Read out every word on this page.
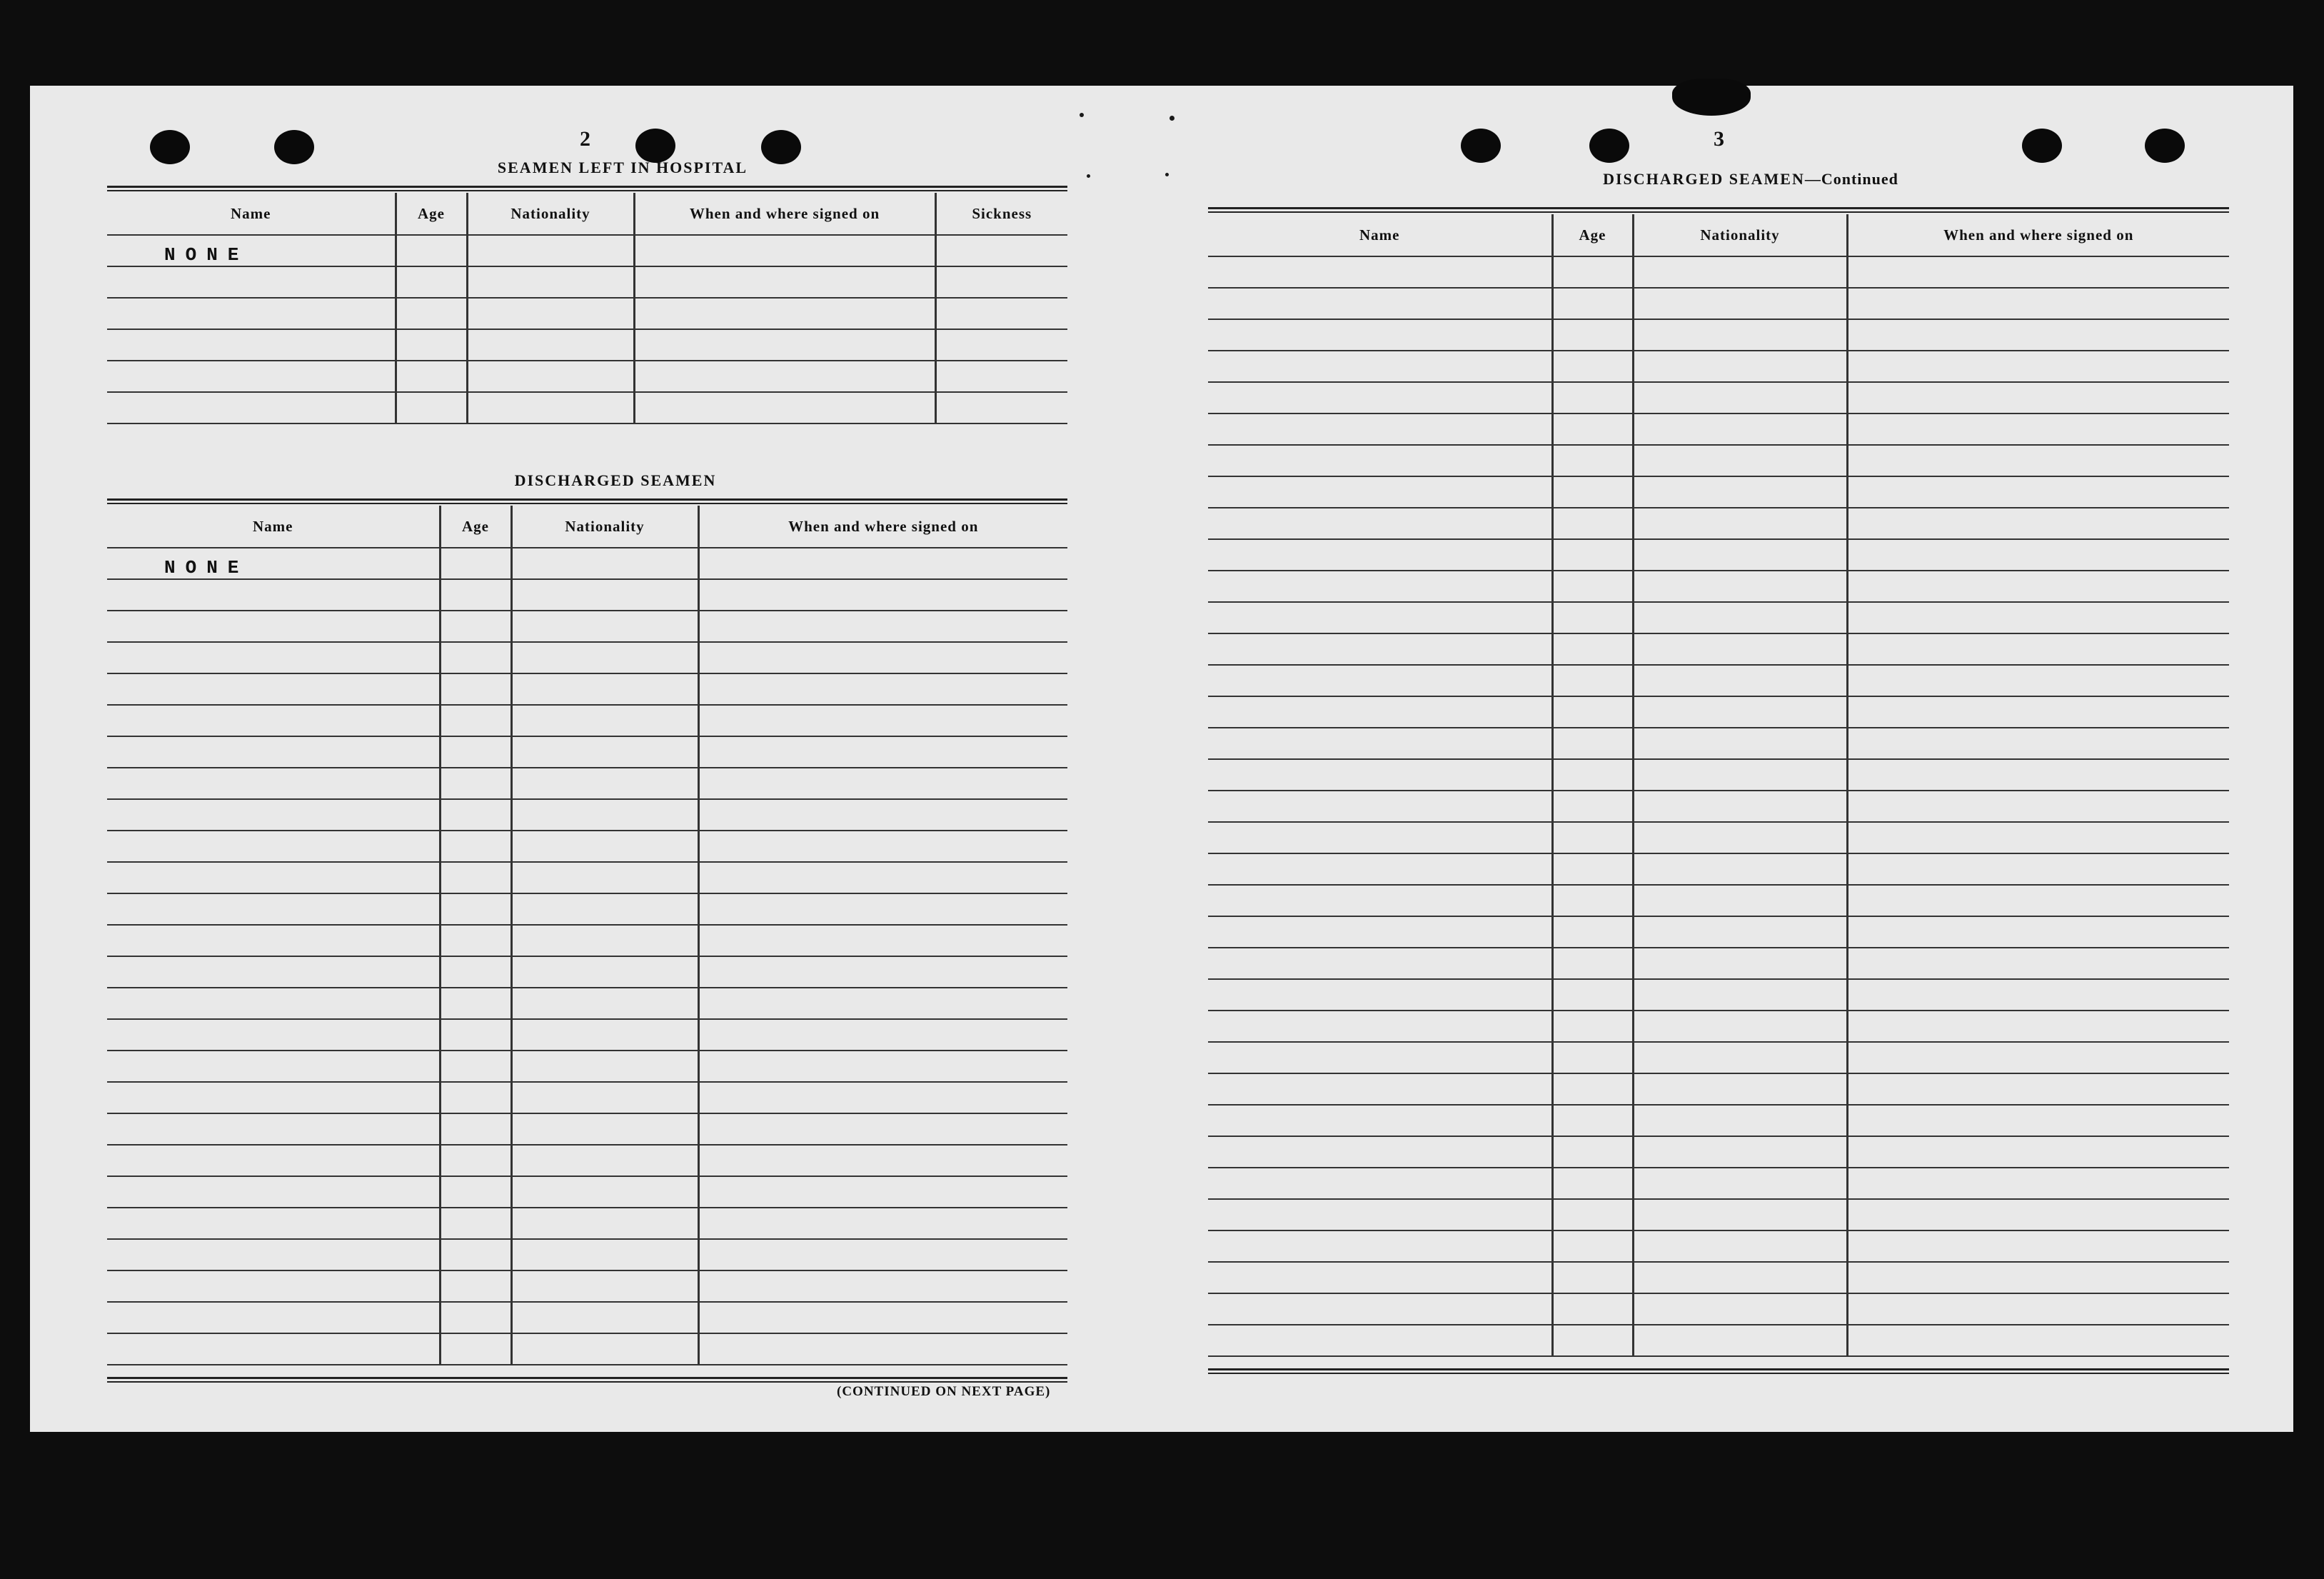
2
SEAMEN LEFT IN HOSPITAL
Name	Age	Nationality	When and where signed on	Sickness
NONE				

DISCHARGED SEAMEN
Name	Age	Nationality	When and where signed on
NONE			

(CONTINUED ON NEXT PAGE)
3
DISCHARGED SEAMEN—Continued
Name	Age	Nationality	When and where signed on
